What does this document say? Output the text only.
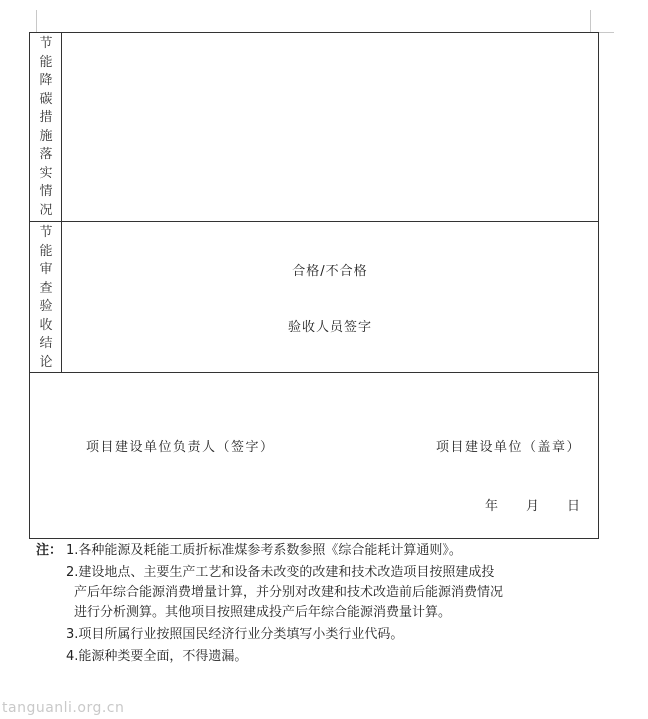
节能降碳措施落实情况
节能审查验收结论
合格/不合格
验收人员签字
项目建设单位负责人（签字）	项目建设单位（盖章）
年 月 日
注： 1.各种能源及耗能工质折标准煤参考系数参照《综合能耗计算通则》。
2.建设地点、主要生产工艺和设备未改变的改建和技术改造项目按照建成投
产后年综合能源消费增量计算，并分别对改建和技术改造前后能源消费情况
进行分析测算。其他项目按照建成投产后年综合能源消费量计算。
3.项目所属行业按照国民经济行业分类填写小类行业代码。
4.能源种类要全面，不得遗漏。
tanguanli.org.cn
